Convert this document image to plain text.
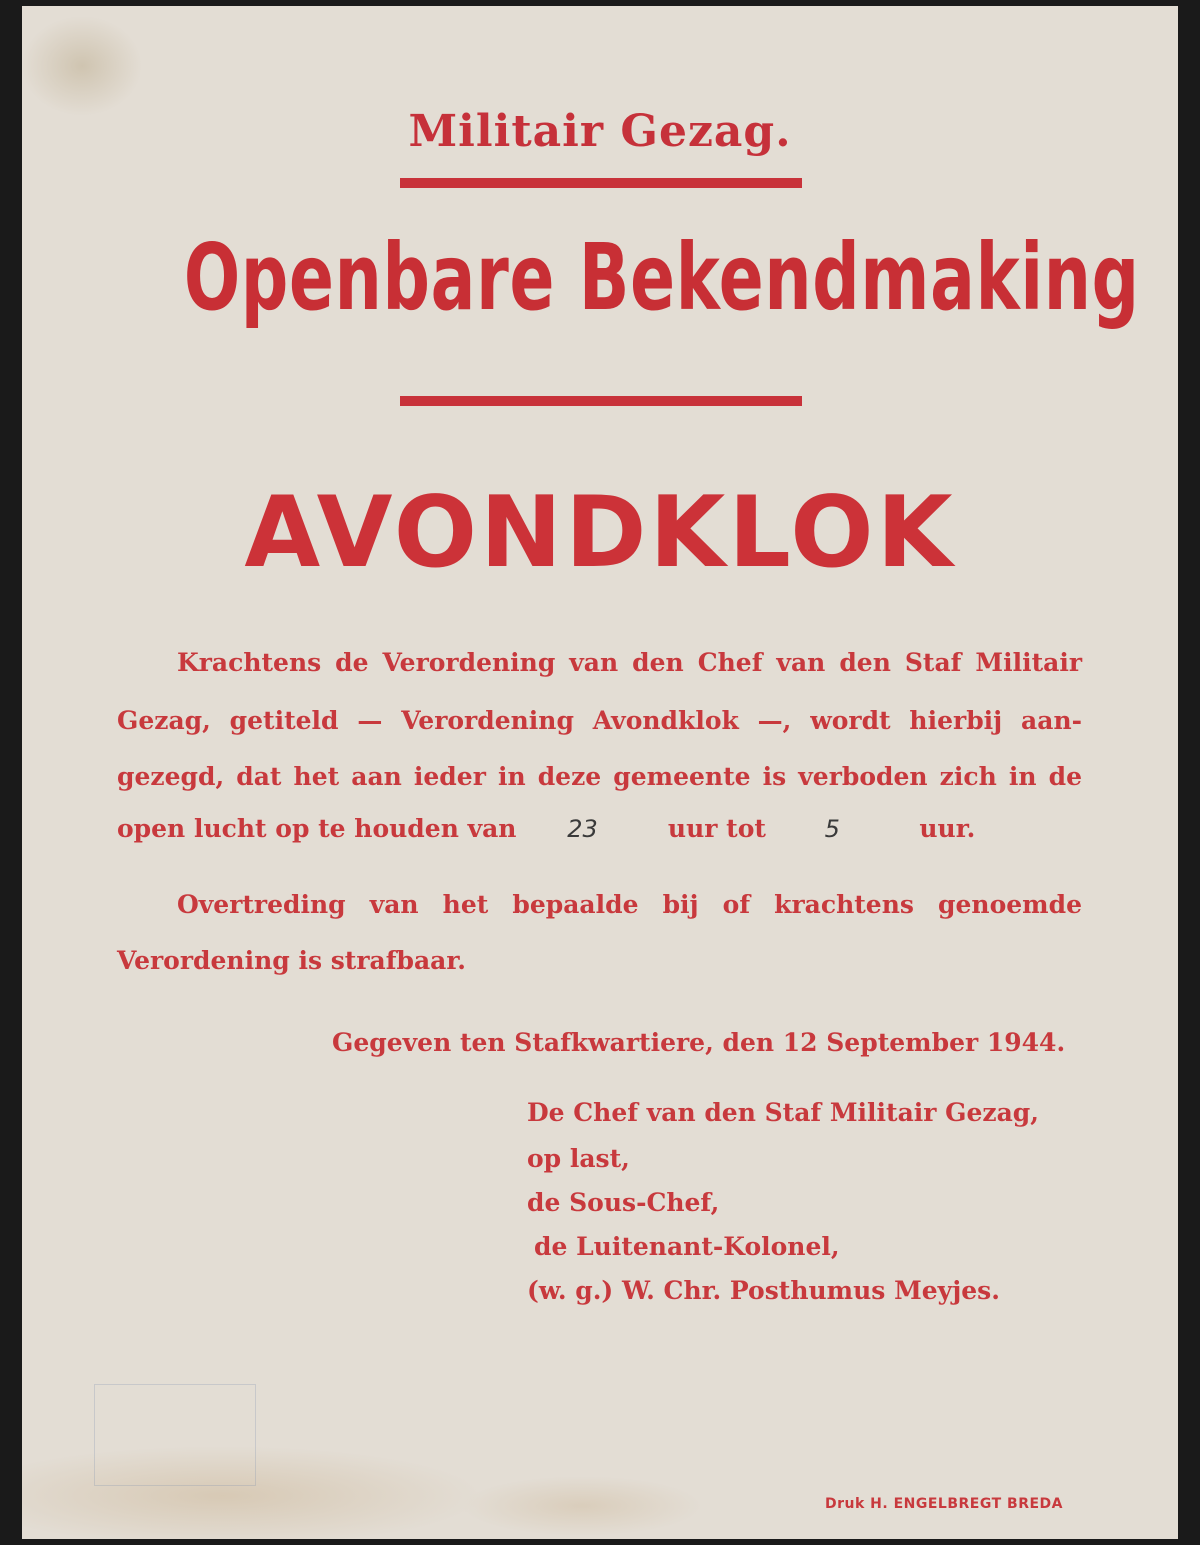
Militair Gezag.
Openbare Bekendmaking
AVONDKLOK
Krachtens de Verordening van den Chef van den Staf Militair
Gezag, getiteld — Verordening Avondklok —, wordt hierbij aan-
gezegd, dat het aan ieder in deze gemeente is verboden zich in de
open lucht op te houden van 23	uur tot 5	uur.
Overtreding van het bepaalde bij of krachtens genoemde
Verordening is strafbaar.
Gegeven ten Stafkwartiere, den 12 September 1944.
De Chef van den Staf Militair Gezag,
op last,
de Sous-Chef,
de Luitenant-Kolonel,
(w. g.) W. Chr. Posthumus Meyjes.
Druk H. ENGELBREGT BREDA
